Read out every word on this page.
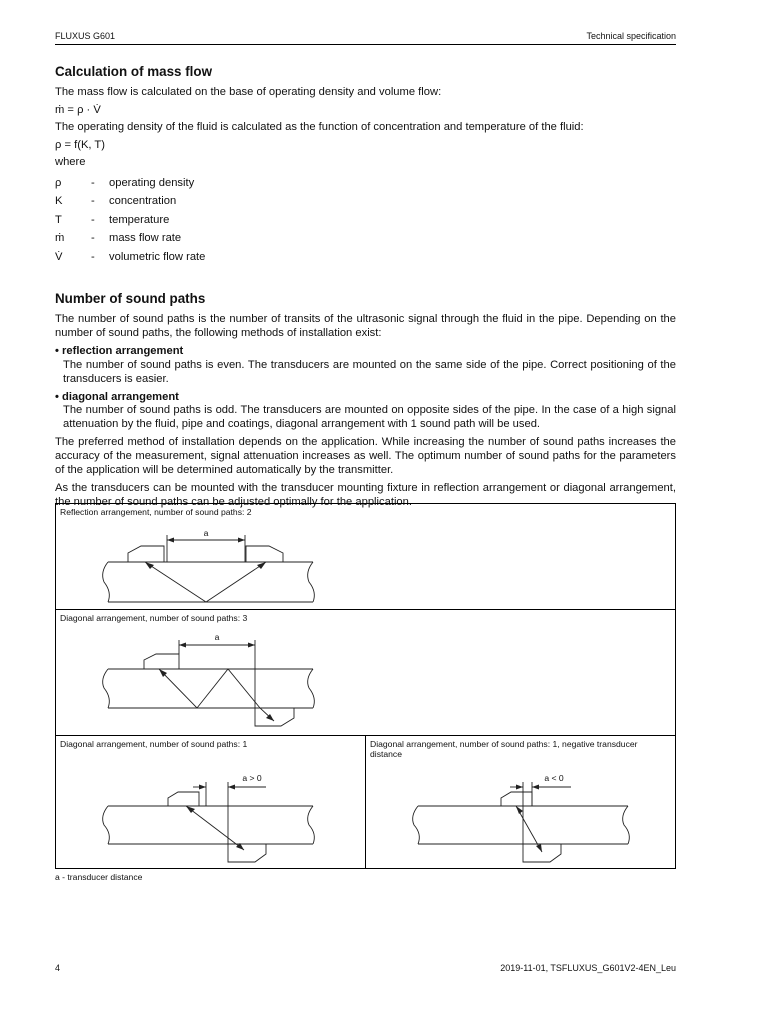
FLUXUS G601	Technical specification
Calculation of mass flow

The mass flow is calculated on the base of operating density and volume flow:

ṁ = ρ · V̇

The operating density of the fluid is calculated as the function of concentration and temperature of the fluid:

ρ = f(K, T)

where

ρ	-	operating density
K	-	concentration
T	-	temperature
ṁ	-	mass flow rate
V̇	-	volumetric flow rate
Number of sound paths

The number of sound paths is the number of transits of the ultrasonic signal through the fluid in the pipe. Depending on the number of sound paths, the following methods of installation exist:

• reflection arrangement
The number of sound paths is even. The transducers are mounted on the same side of the pipe. Correct positioning of the transducers is easier.
• diagonal arrangement
The number of sound paths is odd. The transducers are mounted on opposite sides of the pipe. In the case of a high signal attenuation by the fluid, pipe and coatings, diagonal arrangement with 1 sound path will be used.

The preferred method of installation depends on the application. While increasing the number of sound paths increases the accuracy of the measurement, signal attenuation increases as well. The optimum number of sound paths for the parameters of the application will be determined automatically by the transmitter.

As the transducers can be mounted with the transducer mounting fixture in reflection arrangement or diagonal arrangement, the number of sound paths can be adjusted optimally for the application.

Reflection arrangement, number of sound paths: 2
a
Diagonal arrangement, number of sound paths: 3
a
Diagonal arrangement, number of sound paths: 1
a > 0
Diagonal arrangement, number of sound paths: 1, negative transducer distance
a < 0
a - transducer distance
4	2019-11-01, TSFLUXUS_G601V2-4EN_Leu
